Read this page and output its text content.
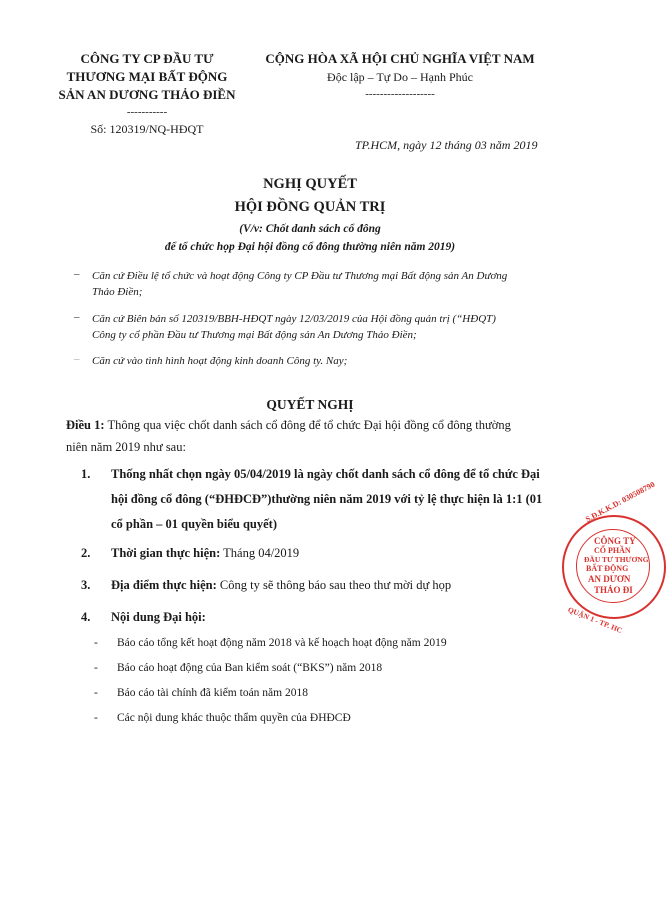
CÔNG TY CP ĐẦU TƯ
THƯƠNG MẠI BẤT ĐỘNG
SẢN AN DƯƠNG THẢO ĐIỀN
-----------
Số: 120319/NQ-HĐQT
CỘNG HÒA XÃ HỘI CHỦ NGHĨA VIỆT NAM
Độc lập – Tự Do – Hạnh Phúc
-------------------
TP.HCM, ngày 12 tháng 03 năm 2019
NGHỊ QUYẾT
HỘI ĐỒNG QUẢN TRỊ
(V/v: Chốt danh sách cổ đông
để tổ chức họp Đại hội đồng cổ đông thường niên năm 2019)
– Căn cứ Điều lệ tổ chức và hoạt động Công ty CP Đầu tư Thương mại Bất động sản An Dương
Thảo Điền;
– Căn cứ Biên bản số 120319/BBH-HĐQT ngày 12/03/2019 của Hội đồng quản trị (“HĐQT)
Công ty cổ phần Đầu tư Thương mại Bất động sản An Dương Thảo Điền;
– Căn cứ vào tình hình hoạt động kinh doanh Công ty. Nay;
QUYẾT NGHỊ
Điều 1: Thông qua việc chốt danh sách cổ đông để tổ chức Đại hội đồng cổ đông thường
niên năm 2019 như sau:
1. Thống nhất chọn ngày 05/04/2019 là ngày chốt danh sách cổ đông để tổ chức Đại
hội đồng cổ đông (“ĐHĐCĐ”)thường niên năm 2019 với tỷ lệ thực hiện là 1:1 (01
cổ phần – 01 quyền biểu quyết)
2. Thời gian thực hiện: Tháng 04/2019
3. Địa điểm thực hiện: Công ty sẽ thông báo sau theo thư mời dự họp
4. Nội dung Đại hội:
- Báo cáo tổng kết hoạt động năm 2018 và kế hoạch hoạt động năm 2019
- Báo cáo hoạt động của Ban kiểm soát (“BKS”) năm 2018
- Báo cáo tài chính đã kiểm toán năm 2018
- Các nội dung khác thuộc thẩm quyền của ĐHĐCĐ
S.Đ.K.K.D: 030508790
CÔNG TY
CỔ PHẦN
ĐẦU TƯ THƯƠNG
BẤT ĐỘNG
AN DƯƠN
THẢO ĐI
QUẬN 1 - TP. HC
